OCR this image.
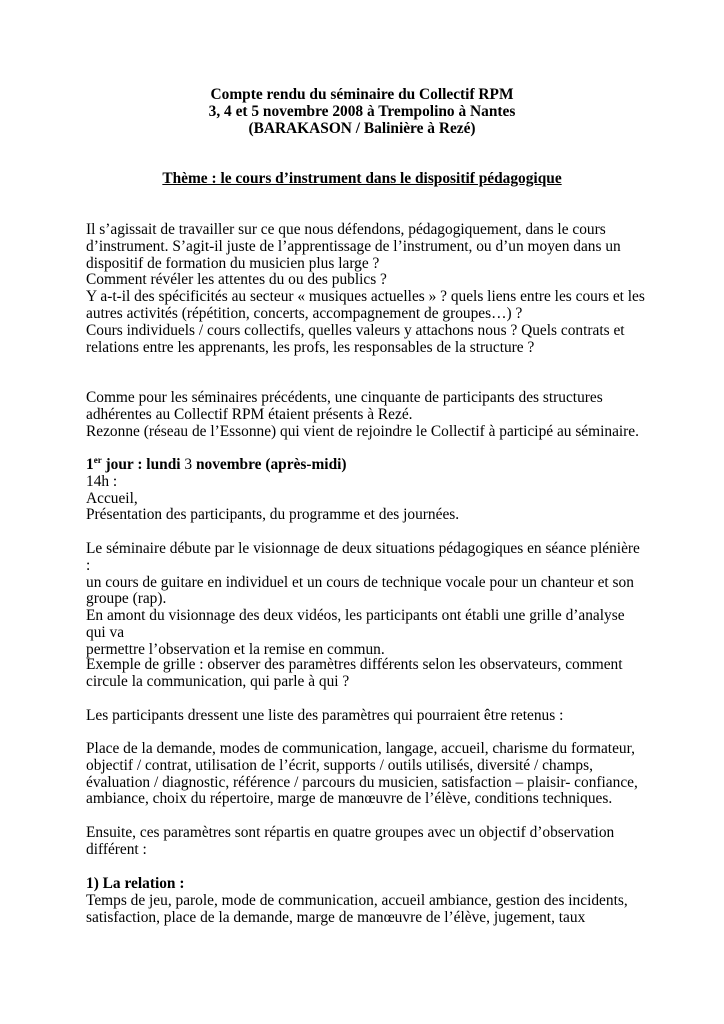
Compte rendu du séminaire du Collectif RPM
3, 4 et 5 novembre 2008 à Trempolino à Nantes
(BARAKASON / Balinière à Rezé)
Thème : le cours d’instrument dans le dispositif pédagogique

Il s’agissait de travailler sur ce que nous défendons, pédagogiquement, dans le cours

d’instrument. S’agit-il juste de l’apprentissage de l’instrument, ou d’un moyen dans un

dispositif de formation du musicien plus large ?

Comment révéler les attentes du ou des publics ?

Y a-t-il des spécificités au secteur « musiques actuelles » ? quels liens entre les cours et les

autres activités (répétition, concerts, accompagnement de groupes…) ?

Cours individuels / cours collectifs, quelles valeurs y attachons nous ? Quels contrats et

relations entre les apprenants, les profs, les responsables de la structure ?

Comme pour les séminaires précédents, une cinquante de participants des structures

adhérentes au Collectif RPM étaient présents à Rezé.

Rezonne (réseau de l’Essonne) qui vient de rejoindre le Collectif à participé au séminaire.

1er jour : lundi 3 novembre (après-midi)

14h :

Accueil,

Présentation des participants, du programme et des journées.

Le séminaire débute par le visionnage de deux situations pédagogiques en séance plénière :

un cours de guitare en individuel et un cours de technique vocale pour un chanteur et son

groupe (rap).

En amont du visionnage des deux vidéos, les participants ont établi une grille d’analyse qui va

permettre l’observation et la remise en commun.

Exemple de grille : observer des paramètres différents selon les observateurs, comment

circule la communication, qui parle à qui ?

Les participants dressent une liste des paramètres qui pourraient être retenus :

Place de la demande, modes de communication, langage, accueil, charisme du formateur,

objectif / contrat, utilisation de l’écrit, supports / outils utilisés, diversité / champs,

évaluation / diagnostic, référence / parcours du musicien, satisfaction – plaisir- confiance,

ambiance, choix du répertoire, marge de manœuvre de l’élève, conditions techniques.

Ensuite, ces paramètres sont répartis en quatre groupes avec un objectif d’observation

différent :

1) La relation :

Temps de jeu, parole, mode de communication, accueil ambiance, gestion des incidents,

satisfaction, place de la demande, marge de manœuvre de l’élève, jugement, taux
